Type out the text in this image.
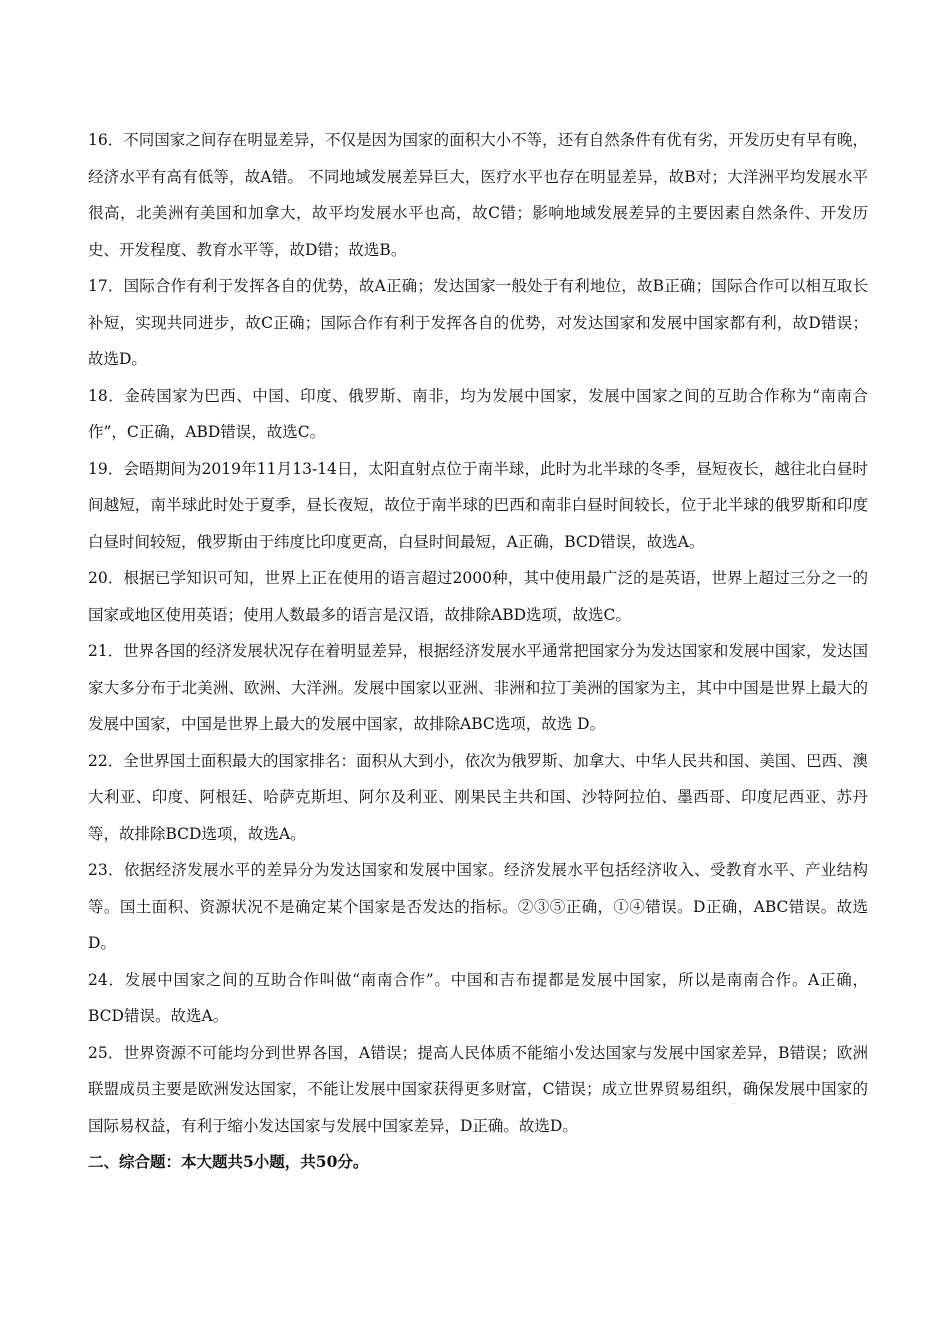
16．不同国家之间存在明显差异，不仅是因为国家的面积大小不等，还有自然条件有优有劣，开发历史有早有晚，经济水平有高有低等，故A错。 不同地域发展差异巨大，医疗水平也存在明显差异，故B对；大洋洲平均发展水平很高，北美洲有美国和加拿大，故平均发展水平也高，故C错；影响地域发展差异的主要因素自然条件、开发历史、开发程度、教育水平等，故D错；故选B。

17．国际合作有利于发挥各自的优势，故A正确；发达国家一般处于有利地位，故B正确；国际合作可以相互取长补短，实现共同进步，故C正确；国际合作有利于发挥各自的优势，对发达国家和发展中国家都有利，故D错误；故选D。

18．金砖国家为巴西、中国、印度、俄罗斯、南非，均为发展中国家，发展中国家之间的互助合作称为“南南合作”，C正确，ABD错误，故选C。

19．会晤期间为2019年11月13-14日，太阳直射点位于南半球，此时为北半球的冬季，昼短夜长，越往北白昼时间越短，南半球此时处于夏季，昼长夜短，故位于南半球的巴西和南非白昼时间较长，位于北半球的俄罗斯和印度白昼时间较短，俄罗斯由于纬度比印度更高，白昼时间最短，A正确，BCD错误，故选A。

20．根据已学知识可知，世界上正在使用的语言超过2000种，其中使用最广泛的是英语，世界上超过三分之一的国家或地区使用英语；使用人数最多的语言是汉语，故排除ABD选项，故选C。

21．世界各国的经济发展状况存在着明显差异，根据经济发展水平通常把国家分为发达国家和发展中国家，发达国家大多分布于北美洲、欧洲、大洋洲。发展中国家以亚洲、非洲和拉丁美洲的国家为主，其中中国是世界上最大的发展中国家，中国是世界上最大的发展中国家，故排除ABC选项，故选 D。

22．全世界国土面积最大的国家排名：面积从大到小，依次为俄罗斯、加拿大、中华人民共和国、美国、巴西、澳大利亚、印度、阿根廷、哈萨克斯坦、阿尔及利亚、刚果民主共和国、沙特阿拉伯、墨西哥、印度尼西亚、苏丹等，故排除BCD选项，故选A。

23．依据经济发展水平的差异分为发达国家和发展中国家。经济发展水平包括经济收入、受教育水平、产业结构等。国土面积、资源状况不是确定某个国家是否发达的指标。②③⑤正确，①④错误。D正确，ABC错误。故选D。

24．发展中国家之间的互助合作叫做“南南合作”。中国和吉布提都是发展中国家，所以是南南合作。A正确，BCD错误。故选A。

25．世界资源不可能均分到世界各国，A错误；提高人民体质不能缩小发达国家与发展中国家差异，B错误；欧洲联盟成员主要是欧洲发达国家，不能让发展中国家获得更多财富，C错误；成立世界贸易组织，确保发展中国家的国际易权益，有利于缩小发达国家与发展中国家差异，D正确。故选D。

二、综合题：本大题共5小题，共50分。
